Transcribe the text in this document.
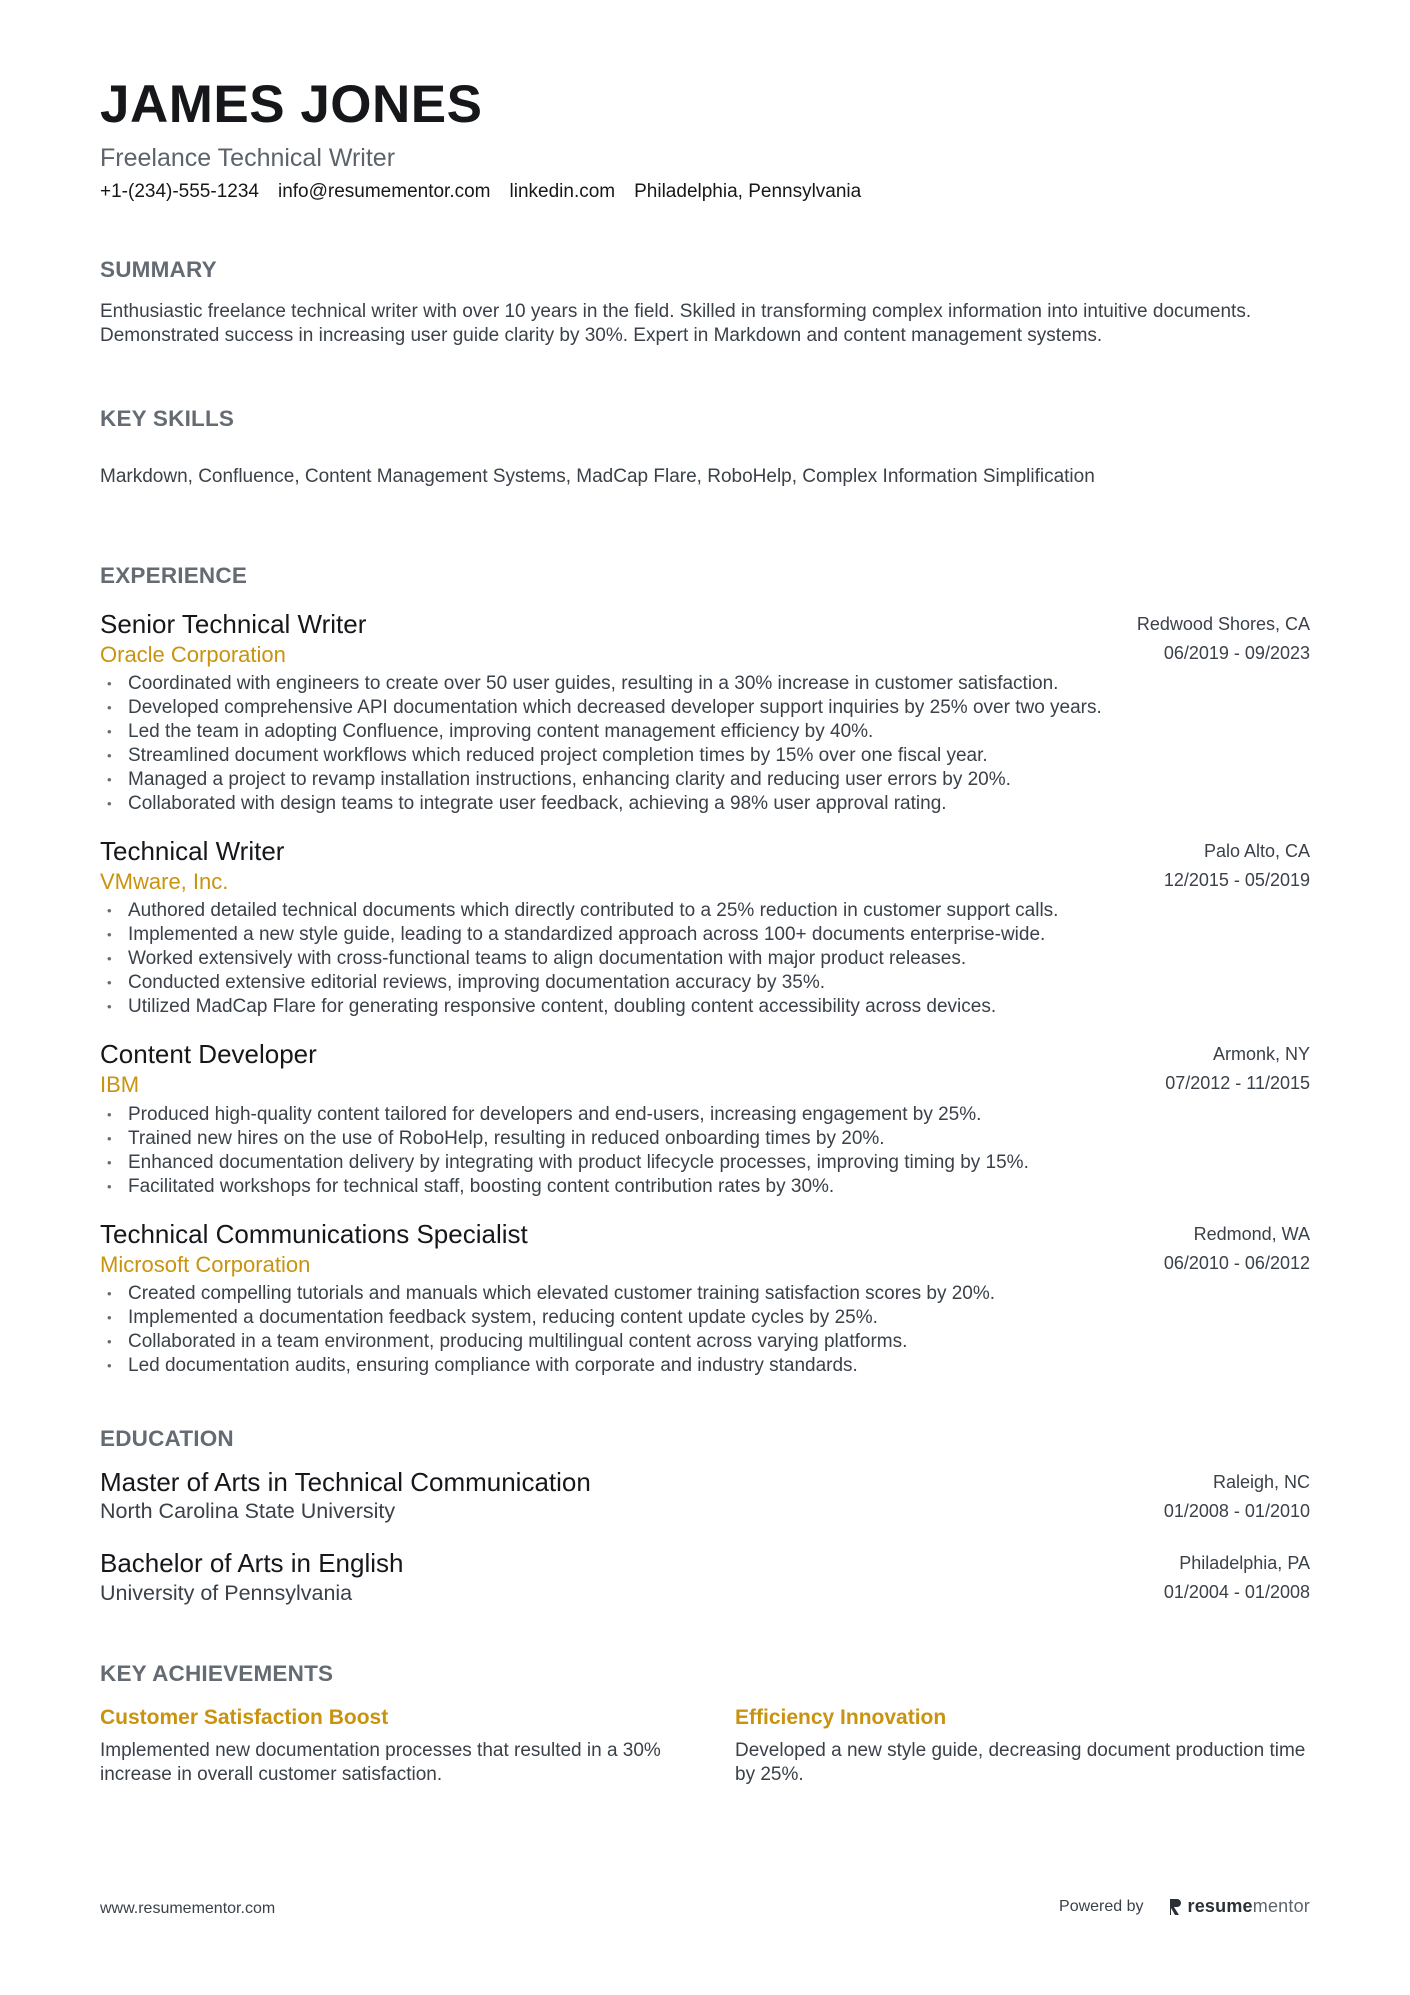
JAMES JONES
Freelance Technical Writer
+1-(234)-555-1234 info@resumementor.com linkedin.com Philadelphia, Pennsylvania
SUMMARY
Enthusiastic freelance technical writer with over 10 years in the field. Skilled in transforming complex information into intuitive documents. Demonstrated success in increasing user guide clarity by 30%. Expert in Markdown and content management systems.
KEY SKILLS
Markdown, Confluence, Content Management Systems, MadCap Flare, RoboHelp, Complex Information Simplification
EXPERIENCE
Senior Technical Writer
Oracle Corporation
Redwood Shores, CA
06/2019 - 09/2023
• Coordinated with engineers to create over 50 user guides, resulting in a 30% increase in customer satisfaction.
• Developed comprehensive API documentation which decreased developer support inquiries by 25% over two years.
• Led the team in adopting Confluence, improving content management efficiency by 40%.
• Streamlined document workflows which reduced project completion times by 15% over one fiscal year.
• Managed a project to revamp installation instructions, enhancing clarity and reducing user errors by 20%.
• Collaborated with design teams to integrate user feedback, achieving a 98% user approval rating.
Technical Writer
VMware, Inc.
Palo Alto, CA
12/2015 - 05/2019
• Authored detailed technical documents which directly contributed to a 25% reduction in customer support calls.
• Implemented a new style guide, leading to a standardized approach across 100+ documents enterprise-wide.
• Worked extensively with cross-functional teams to align documentation with major product releases.
• Conducted extensive editorial reviews, improving documentation accuracy by 35%.
• Utilized MadCap Flare for generating responsive content, doubling content accessibility across devices.
Content Developer
IBM
Armonk, NY
07/2012 - 11/2015
• Produced high-quality content tailored for developers and end-users, increasing engagement by 25%.
• Trained new hires on the use of RoboHelp, resulting in reduced onboarding times by 20%.
• Enhanced documentation delivery by integrating with product lifecycle processes, improving timing by 15%.
• Facilitated workshops for technical staff, boosting content contribution rates by 30%.
Technical Communications Specialist
Microsoft Corporation
Redmond, WA
06/2010 - 06/2012
• Created compelling tutorials and manuals which elevated customer training satisfaction scores by 20%.
• Implemented a documentation feedback system, reducing content update cycles by 25%.
• Collaborated in a team environment, producing multilingual content across varying platforms.
• Led documentation audits, ensuring compliance with corporate and industry standards.
EDUCATION
Master of Arts in Technical Communication
North Carolina State University
Raleigh, NC
01/2008 - 01/2010
Bachelor of Arts in English
University of Pennsylvania
Philadelphia, PA
01/2004 - 01/2008
KEY ACHIEVEMENTS
Customer Satisfaction Boost
Implemented new documentation processes that resulted in a 30% increase in overall customer satisfaction.
Efficiency Innovation
Developed a new style guide, decreasing document production time by 25%.
www.resumementor.com	Powered by resumementor
